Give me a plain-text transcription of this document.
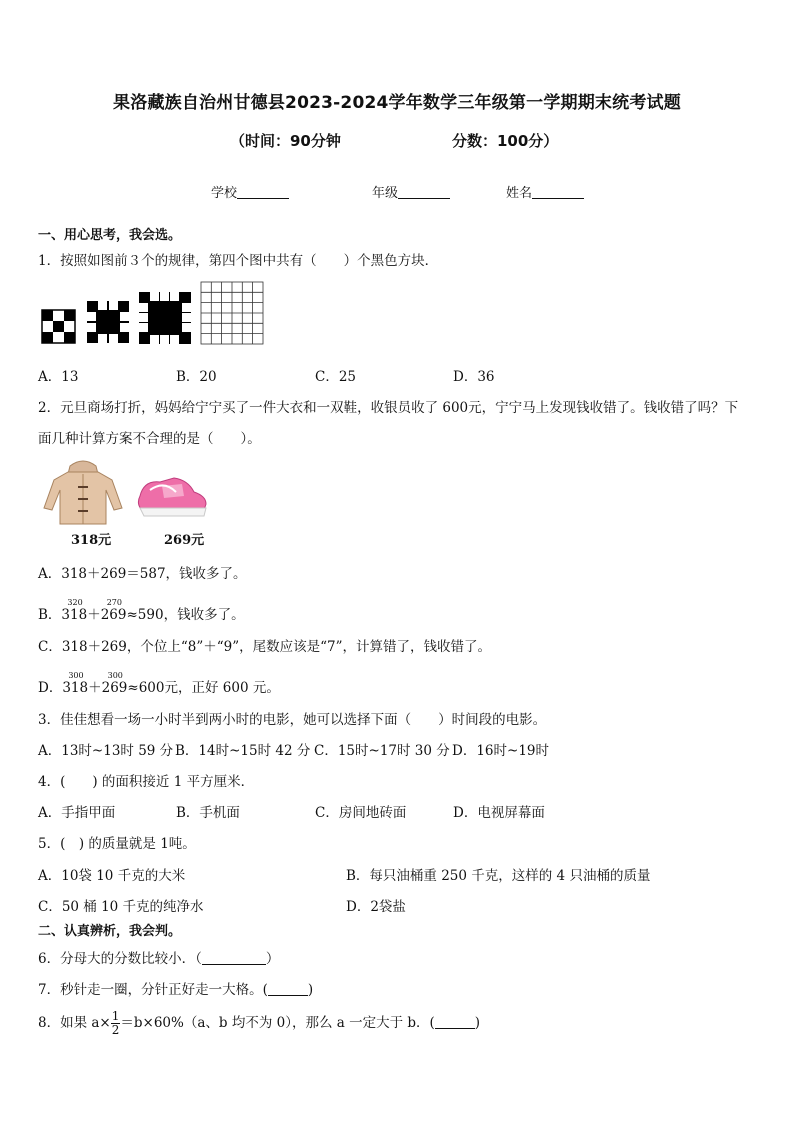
果洛藏族自治州甘德县2023-2024学年数学三年级第一学期期末统考试题
（时间：90分钟	分数：100分）
学校	年级	姓名
一、用心思考，我会选。
1．按照如图前３个的规律，第四个图中共有（　　）个黑色方块．
A．13	B．20	C．25	D．36
2．元旦商场打折，妈妈给宁宁买了一件大衣和一双鞋，收银员收了 600元，宁宁马上发现钱收错了。钱收错了吗？下
面几种计算方案不合理的是（　　）。
318元	269元
A．318＋269＝587，钱收多了。
B．
320
318＋
270
269≈590，钱收多了。
C．318＋269，个位上“8”＋“9”，尾数应该是“7”，计算错了，钱收错了。
D．
300
318＋
300
269≈600元，正好 600 元。
3．佳佳想看一场一小时半到两小时的电影，她可以选择下面（　　）时间段的电影。
A．13时~13时 59 分 B．14时~15时 42 分 C．15时~17时 30 分 D．16时~19时
4．(　　) 的面积接近 1 平方厘米．
A．手指甲面	B．手机面	C．房间地砖面	D．电视屏幕面
5．(　) 的质量就是 1吨。
A．10袋 10 千克的大米	B．每只油桶重 250 千克，这样的 4 只油桶的质量
C．50 桶 10 千克的纯净水	D．2袋盐
二、认真辨析，我会判。
6．分母大的分数比较小．（	）
7．秒针走一圈，分针正好走一大格。(	)
8．如果 $a\times \frac{1}{2} =b\times 60\%(a$、b 均不为 0），那么 a 一定大于 b．(	)
